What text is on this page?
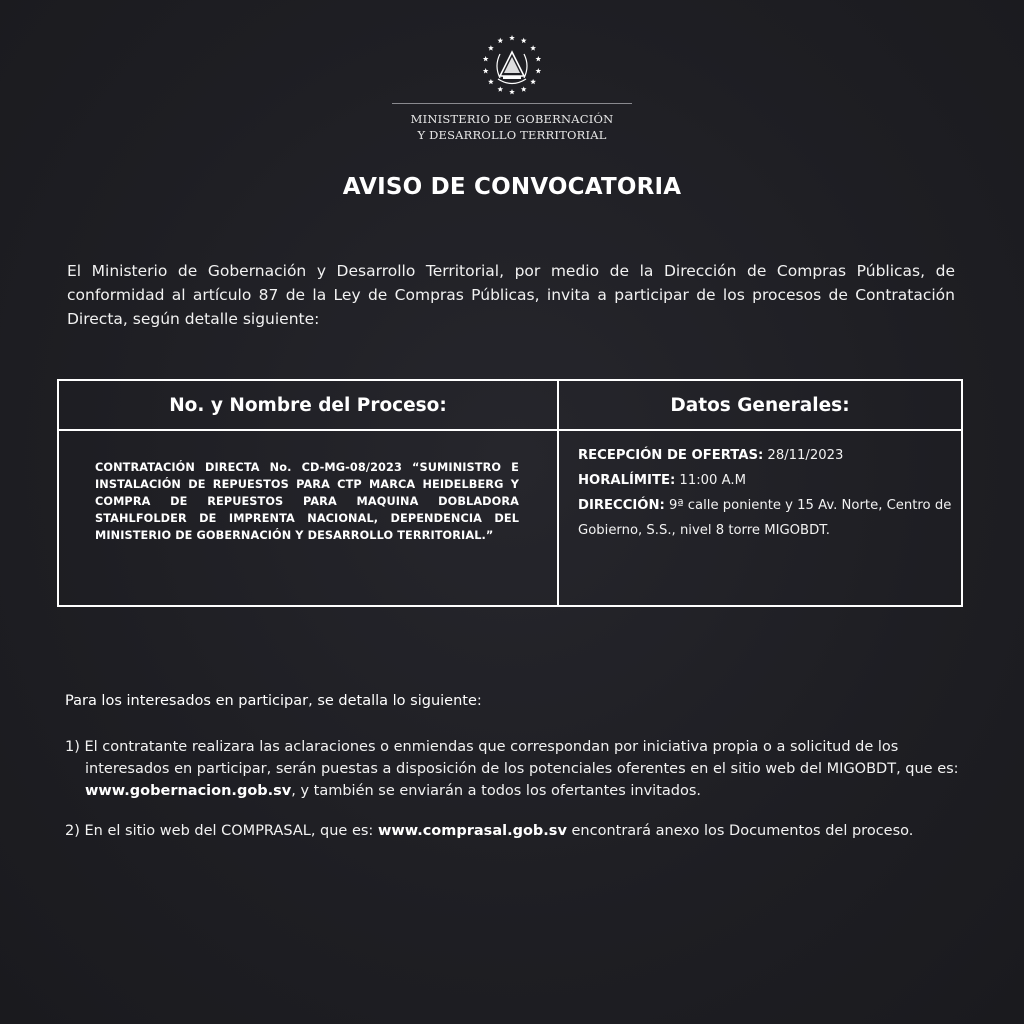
MINISTERIO DE GOBERNACIÓN
Y DESARROLLO TERRITORIAL
AVISO DE CONVOCATORIA
El Ministerio de Gobernación y Desarrollo Territorial, por medio de la Dirección de Compras Públicas, de conformidad al artículo 87 de la Ley de Compras Públicas, invita a participar de los procesos de Contratación Directa, según detalle siguiente:
No. y Nombre del Proceso:	Datos Generales:
CONTRATACIÓN DIRECTA No. CD-MG-08/2023 “SUMINISTRO E INSTALACIÓN DE REPUESTOS PARA CTP MARCA HEIDELBERG Y COMPRA DE REPUESTOS PARA MAQUINA DOBLADORA STAHLFOLDER DE IMPRENTA NACIONAL, DEPENDENCIA DEL MINISTERIO DE GOBERNACIÓN Y DESARROLLO TERRITORIAL.”
RECEPCIÓN DE OFERTAS: 28/11/2023
HORALÍMITE: 11:00 A.M
DIRECCIÓN: 9ª calle poniente y 15 Av. Norte, Centro de Gobierno, S.S., nivel 8 torre MIGOBDT.
Para los interesados en participar, se detalla lo siguiente:
1) El contratante realizara las aclaraciones o enmiendas que correspondan por iniciativa propia o a solicitud de los interesados en participar, serán puestas a disposición de los potenciales oferentes en el sitio web del MIGOBDT, que es: www.gobernacion.gob.sv, y también se enviarán a todos los ofertantes invitados.
2) En el sitio web del COMPRASAL, que es: www.comprasal.gob.sv encontrará anexo los Documentos del proceso.
